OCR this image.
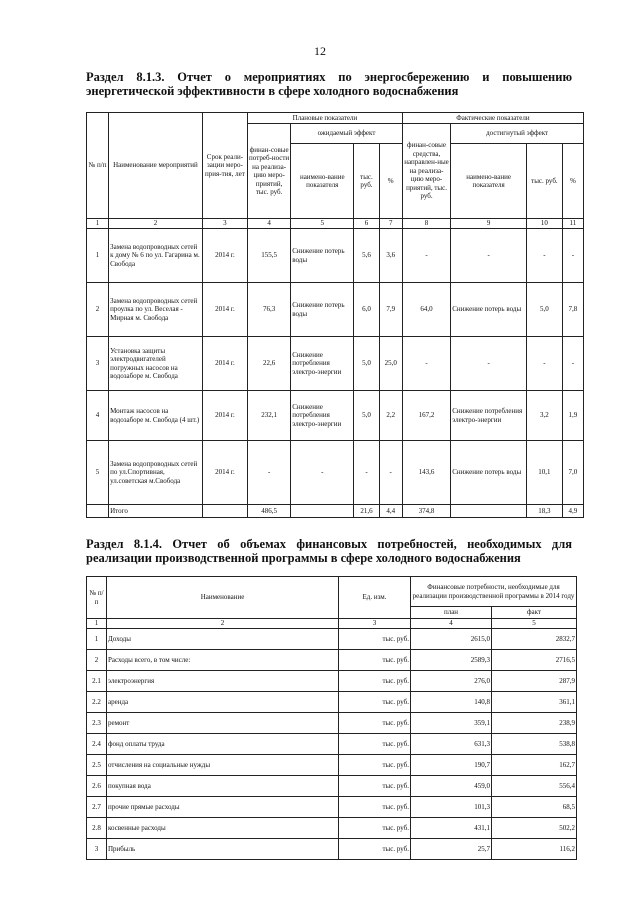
12
Раздел 8.1.3. Отчет о мероприятиях по энергосбережению и повышению энергетической эффективности в сфере холодного водоснабжения
№ п/п	Наименование мероприятий	Срок реали-зации меро-прия-тия, лет	Плановые показатели				Фактические показатели			
			финан-совые потреб-ности на реализа-цию меро-приятий, тыс. руб.	ожидаемый эффект			финан-совые средства, направлен-ные на реализа-цию меро-приятий, тыс. руб.	достигнутый эффект		
				наимено-вание показателя	тыс. руб.	%		наимено-вание показателя	тыс. руб.	%
1	2	3	4	5	6	7	8	9	10	11
1	Замена водопроводных сетей к дому № 6 по ул. Гагарина м. Свобода	2014 г.	155,5	Снижение потерь воды	5,6	3,6	-	-	-	-
2	Замена водопроводных сетей проулка по ул. Веселая - Мирная м. Свобода	2014 г.	76,3	Снижение потерь воды	6,0	7,9	64,0	Снижение потерь воды	5,0	7,8
3	Установка защиты электродвигателей погружных насосов на водозаборе м. Свобода	2014 г.	22,6	Снижение потребления электро-энергии	5,0	25,0	-	-	-	-
4	Монтаж насосов на водозаборе м. Свобода (4 шт.)	2014 г.	232,1	Снижение потребления электро-энергии	5,0	2,2	167,2	Снижение потребления электро-энергии	3,2	1,9
5	Замена водопроводных сетей по ул.Спортивная, ул.советская м.Свобода	2014 г.	-	-	-	-	143,6	Снижение потерь воды	10,1	7,0
	Итого		486,5		21,6	4,4	374,8		18,3	4,9
Раздел 8.1.4. Отчет об объемах финансовых потребностей, необходимых для реализации производственной программы в сфере холодного водоснабжения
№ п/п	Наименование	Ед. изм.	Финансовые потребности, необходимые для реализации производственной программы в 2014 году	
			план	факт
1	2	3	4	5
1	Доходы	тыс. руб.	2615,0	2832,7
2	Расходы всего, в том числе:	тыс. руб.	2589,3	2716,5
2.1	электроэнергия	тыс. руб.	276,0	287,9
2.2	аренда	тыс. руб.	140,8	361,1
2.3	ремонт	тыс. руб.	359,1	238,9
2.4	фонд оплаты труда	тыс. руб.	631,3	538,8
2.5	отчисления на социальные нужды	тыс. руб.	190,7	162,7
2.6	покупная вода	тыс. руб.	459,0	556,4
2.7	прочие прямые расходы	тыс. руб.	101,3	68,5
2.8	косвенные расходы	тыс. руб.	431,1	502,2
3	Прибыль	тыс. руб.	25,7	116,2
